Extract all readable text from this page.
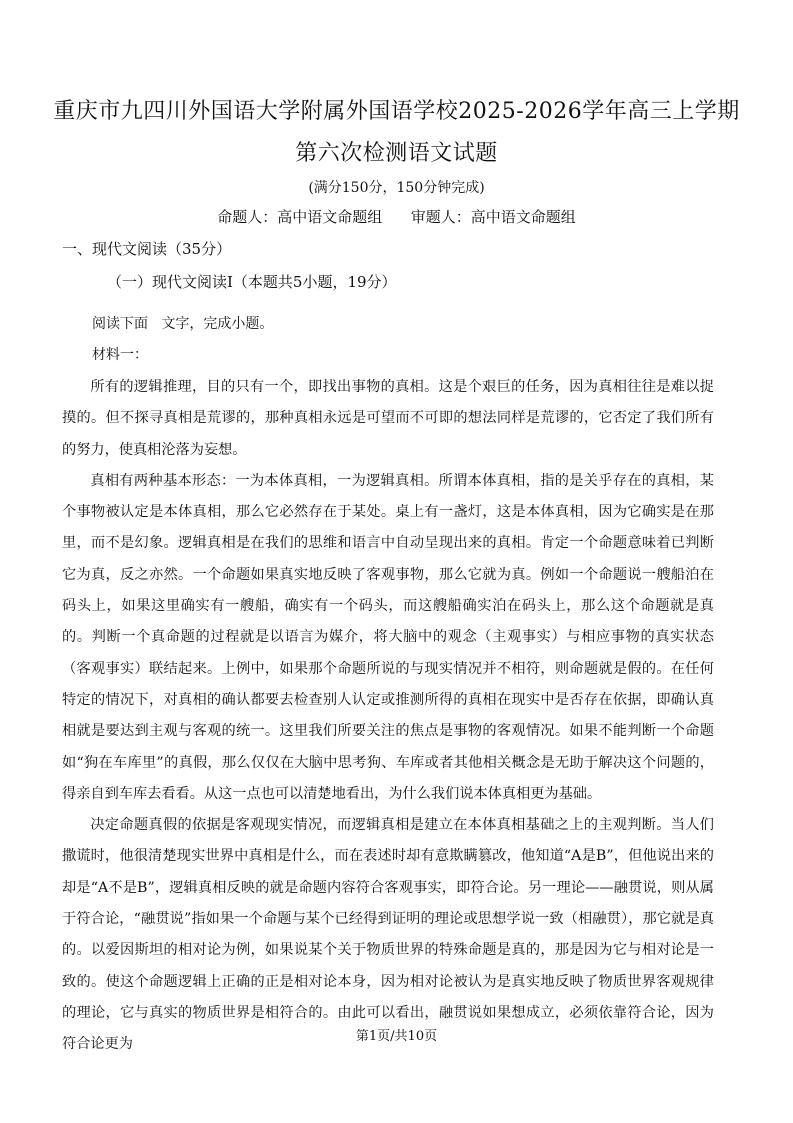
重庆市九四川外国语大学附属外国语学校2025-2026学年高三上学期
第六次检测语文试题
(满分150分，150分钟完成)
命题人：高中语文命题组      审题人：高中语文命题组
一、现代文阅读（35分）
（一）现代文阅读Ⅰ（本题共5小题，19分）
阅读下面   文字，完成小题。
材料一：

所有的逻辑推理，目的只有一个，即找出事物的真相。这是个艰巨的任务，因为真相往往是难以捉摸的。但不探寻真相是荒谬的，那种真相永远是可望而不可即的想法同样是荒谬的，它否定了我们所有的努力，使真相沦落为妄想。

真相有两种基本形态：一为本体真相，一为逻辑真相。所谓本体真相，指的是关乎存在的真相，某个事物被认定是本体真相，那么它必然存在于某处。桌上有一盏灯，这是本体真相，因为它确实是在那里，而不是幻象。逻辑真相是在我们的思维和语言中自动呈现出来的真相。肯定一个命题意味着已判断它为真，反之亦然。一个命题如果真实地反映了客观事物，那么它就为真。例如一个命题说一艘船泊在码头上，如果这里确实有一艘船，确实有一个码头，而这艘船确实泊在码头上，那么这个命题就是真的。判断一个真命题的过程就是以语言为媒介，将大脑中的观念（主观事实）与相应事物的真实状态（客观事实）联结起来。上例中，如果那个命题所说的与现实情况并不相符，则命题就是假的。在任何特定的情况下，对真相的确认都要去检查别人认定或推测所得的真相在现实中是否存在依据，即确认真相就是要达到主观与客观的统一。这里我们所要关注的焦点是事物的客观情况。如果不能判断一个命题如“狗在车库里”的真假，那么仅仅在大脑中思考狗、车库或者其他相关概念是无助于解决这个问题的，得亲自到车库去看看。从这一点也可以清楚地看出，为什么我们说本体真相更为基础。

决定命题真假的依据是客观现实情况，而逻辑真相是建立在本体真相基础之上的主观判断。当人们撒谎时，他很清楚现实世界中真相是什么，而在表述时却有意欺瞒篡改，他知道“A是B”，但他说出来的却是“A不是B”，逻辑真相反映的就是命题内容符合客观事实，即符合论。另一理论——融贯说，则从属于符合论，“融贯说”指如果一个命题与某个已经得到证明的理论或思想学说一致（相融贯），那它就是真的。以爱因斯坦的相对论为例，如果说某个关于物质世界的特殊命题是真的，那是因为它与相对论是一致的。使这个命题逻辑上正确的正是相对论本身，因为相对论被认为是真实地反映了物质世界客观规律的理论，它与真实的物质世界是相符合的。由此可以看出，融贯说如果想成立，必须依靠符合论，因为符合论更为	第1页/共10页
